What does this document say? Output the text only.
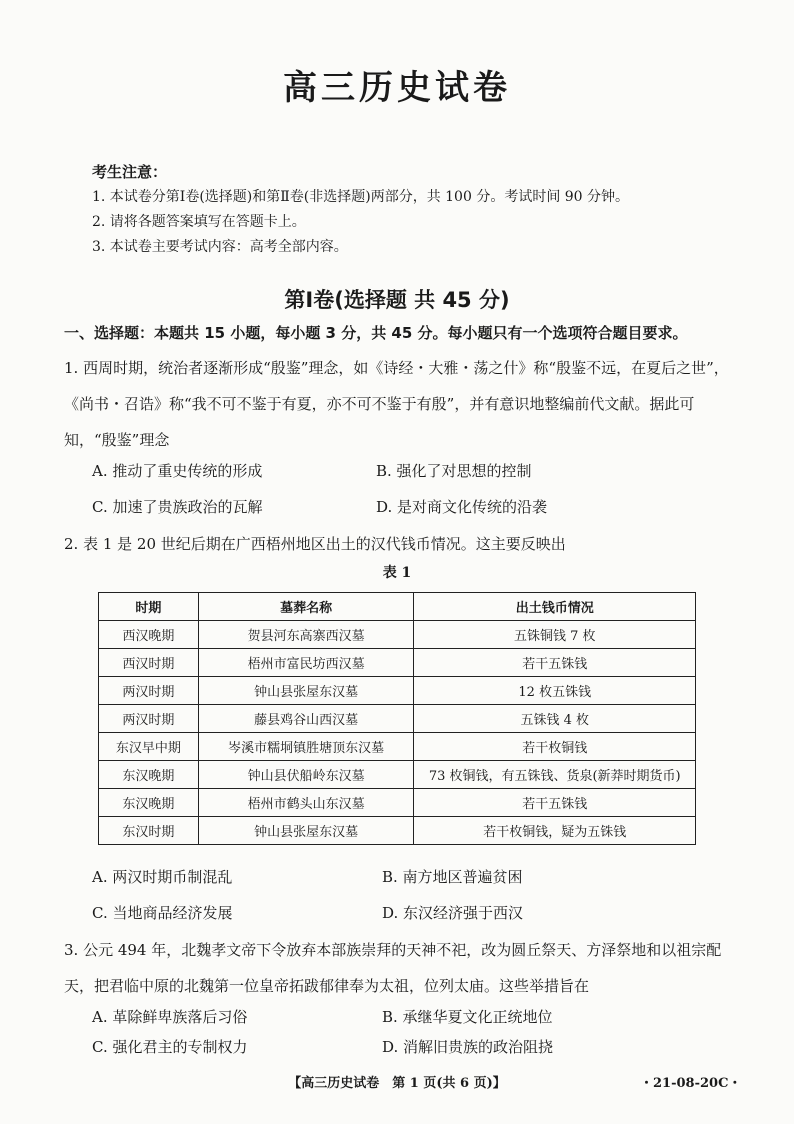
高三历史试卷
考生注意：
1. 本试卷分第Ⅰ卷(选择题)和第Ⅱ卷(非选择题)两部分，共 100 分。考试时间 90 分钟。
2. 请将各题答案填写在答题卡上。
3. 本试卷主要考试内容：高考全部内容。
第Ⅰ卷(选择题 共 45 分)
一、选择题：本题共 15 小题，每小题 3 分，共 45 分。每小题只有一个选项符合题目要求。
1. 西周时期，统治者逐渐形成“殷鉴”理念，如《诗经・大雅・荡之什》称“殷鉴不远，在夏后之世”，
《尚书・召诰》称“我不可不鉴于有夏，亦不可不鉴于有殷”，并有意识地整编前代文献。据此可
知，“殷鉴”理念
A. 推动了重史传统的形成	B. 强化了对思想的控制
C. 加速了贵族政治的瓦解	D. 是对商文化传统的沿袭
2. 表 1 是 20 世纪后期在广西梧州地区出土的汉代钱币情况。这主要反映出
表 1
时期	墓葬名称	出土钱币情况
西汉晚期	贺县河东高寨西汉墓	五铢铜钱 7 枚
西汉时期	梧州市富民坊西汉墓	若干五铢钱
两汉时期	钟山县张屋东汉墓	12 枚五铢钱
两汉时期	藤县鸡谷山西汉墓	五铢钱 4 枚
东汉早中期	岑溪市糯垌镇胜塘顶东汉墓	若干枚铜钱
东汉晚期	钟山县伏船岭东汉墓	73 枚铜钱，有五铢钱、货泉(新莽时期货币)
东汉晚期	梧州市鹤头山东汉墓	若干五铢钱
东汉时期	钟山县张屋东汉墓	若干枚铜钱，疑为五铢钱
A. 两汉时期币制混乱	B. 南方地区普遍贫困
C. 当地商品经济发展	D. 东汉经济强于西汉
3. 公元 494 年，北魏孝文帝下令放弃本部族崇拜的天神不祀，改为圆丘祭天、方泽祭地和以祖宗配
天，把君临中原的北魏第一位皇帝拓跋郁律奉为太祖，位列太庙。这些举措旨在
A. 革除鲜卑族落后习俗	B. 承继华夏文化正统地位
C. 强化君主的专制权力	D. 消解旧贵族的政治阻挠
【高三历史试卷　第 1 页(共 6 页)】	・21-08-20C・
